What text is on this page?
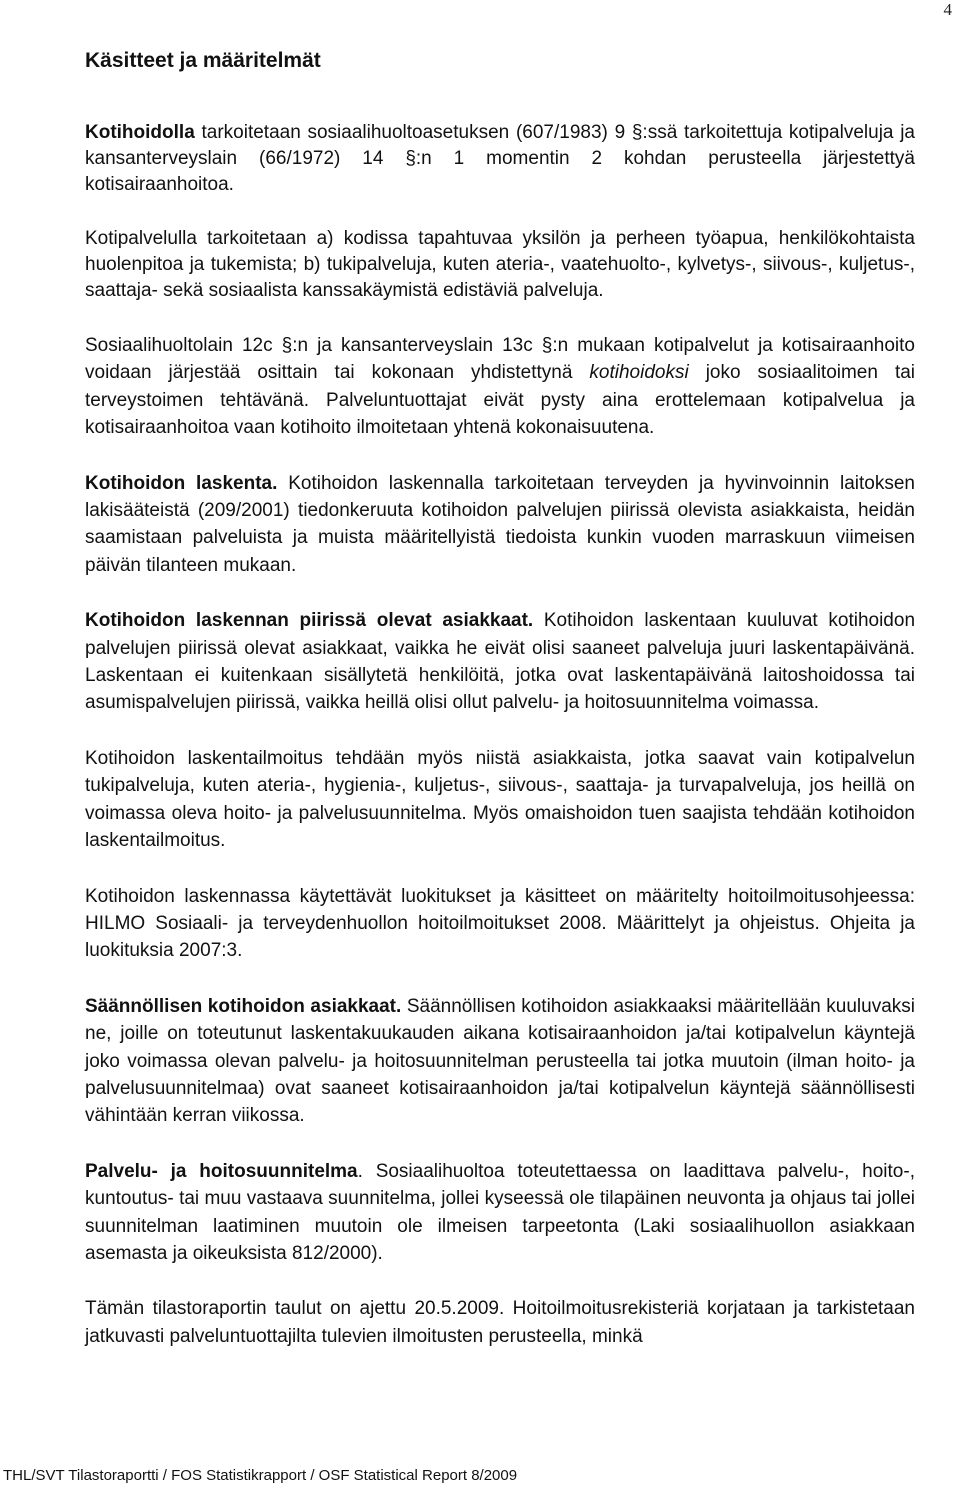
4
Käsitteet ja määritelmät

Kotihoidolla tarkoitetaan sosiaalihuoltoasetuksen (607/1983) 9 §:ssä tarkoitettuja kotipalveluja ja kansanterveyslain (66/1972) 14 §:n 1 momentin 2 kohdan perusteella järjestettyä kotisairaanhoitoa.

Kotipalvelulla tarkoitetaan a) kodissa tapahtuvaa yksilön ja perheen työapua, henkilökohtaista huolenpitoa ja tukemista; b) tukipalveluja, kuten ateria-, vaatehuolto-, kylvetys-, siivous-, kuljetus-, saattaja- sekä sosiaalista kanssakäymistä edistäviä palveluja.

Sosiaalihuoltolain 12c §:n ja kansanterveyslain 13c §:n mukaan kotipalvelut ja kotisairaanhoito voidaan järjestää osittain tai kokonaan yhdistettynä kotihoidoksi joko sosiaalitoimen tai terveystoimen tehtävänä. Palveluntuottajat eivät pysty aina erottelemaan kotipalvelua ja kotisairaanhoitoa vaan kotihoito ilmoitetaan yhtenä kokonaisuutena.

Kotihoidon laskenta. Kotihoidon laskennalla tarkoitetaan terveyden ja hyvinvoinnin laitoksen lakisääteistä (209/2001) tiedonkeruuta kotihoidon palvelujen piirissä olevista asiakkaista, heidän saamistaan palveluista ja muista määritellyistä tiedoista kunkin vuoden marraskuun viimeisen päivän tilanteen mukaan.

Kotihoidon laskennan piirissä olevat asiakkaat. Kotihoidon laskentaan kuuluvat kotihoidon palvelujen piirissä olevat asiakkaat, vaikka he eivät olisi saaneet palveluja juuri laskentapäivänä. Laskentaan ei kuitenkaan sisällytetä henkilöitä, jotka ovat laskentapäivänä laitoshoidossa tai asumispalvelujen piirissä, vaikka heillä olisi ollut palvelu- ja hoitosuunnitelma voimassa.

Kotihoidon laskentailmoitus tehdään myös niistä asiakkaista, jotka saavat vain kotipalvelun tukipalveluja, kuten ateria-, hygienia-, kuljetus-, siivous-, saattaja- ja turvapalveluja, jos heillä on voimassa oleva hoito- ja palvelusuunnitelma. Myös omaishoidon tuen saajista tehdään kotihoidon laskentailmoitus.

Kotihoidon laskennassa käytettävät luokitukset ja käsitteet on määritelty hoitoilmoitusohjeessa: HILMO Sosiaali- ja terveydenhuollon hoitoilmoitukset 2008. Määrittelyt ja ohjeistus. Ohjeita ja luokituksia 2007:3.

Säännöllisen kotihoidon asiakkaat. Säännöllisen kotihoidon asiakkaaksi määritellään kuuluvaksi ne, joille on toteutunut laskentakuukauden aikana kotisairaanhoidon ja/tai kotipalvelun käyntejä joko voimassa olevan palvelu- ja hoitosuunnitelman perusteella tai jotka muutoin (ilman hoito- ja palvelusuunnitelmaa) ovat saaneet kotisairaanhoidon ja/tai kotipalvelun käyntejä säännöllisesti vähintään kerran viikossa.

Palvelu- ja hoitosuunnitelma. Sosiaalihuoltoa toteutettaessa on laadittava palvelu-, hoito-, kuntoutus- tai muu vastaava suunnitelma, jollei kyseessä ole tilapäinen neuvonta ja ohjaus tai jollei suunnitelman laatiminen muutoin ole ilmeisen tarpeetonta (Laki sosiaalihuollon asiakkaan asemasta ja oikeuksista 812/2000).

Tämän tilastoraportin taulut on ajettu 20.5.2009. Hoitoilmoitusrekisteriä korjataan ja tarkistetaan jatkuvasti palveluntuottajilta tulevien ilmoitusten perusteella, minkä

THL/SVT Tilastoraportti / FOS Statistikrapport / OSF Statistical Report 8/2009
